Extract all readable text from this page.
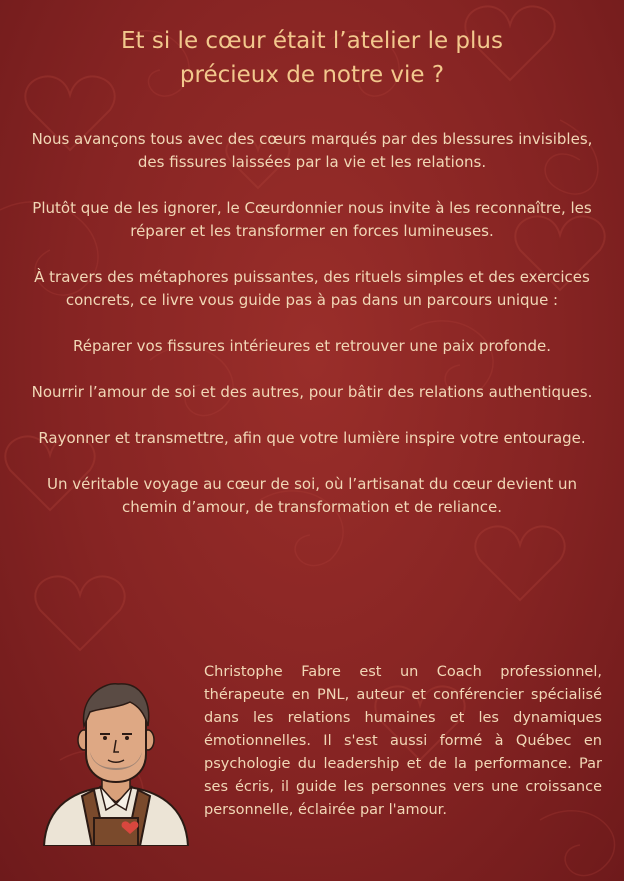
Et si le cœur était l’atelier le plus
précieux de notre vie ?

Nous avançons tous avec des cœurs marqués par des blessures invisibles, des fissures laissées par la vie et les relations.

Plutôt que de les ignorer, le Cœurdonnier nous invite à les reconnaître, les réparer et les transformer en forces lumineuses.

À travers des métaphores puissantes, des rituels simples et des exercices concrets, ce livre vous guide pas à pas dans un parcours unique :

Réparer vos fissures intérieures et retrouver une paix profonde.

Nourrir l’amour de soi et des autres, pour bâtir des relations authentiques.

Rayonner et transmettre, afin que votre lumière inspire votre entourage.

Un véritable voyage au cœur de soi, où l’artisanat du cœur devient un chemin d’amour, de transformation et de reliance.

Christophe Fabre est un Coach professionnel, thérapeute en PNL, auteur et conférencier spécialisé dans les relations humaines et les dynamiques émotionnelles. Il s'est aussi formé à Québec en psychologie du leadership et de la performance. Par ses écris, il guide les personnes vers une croissance personnelle, éclairée par l'amour.
